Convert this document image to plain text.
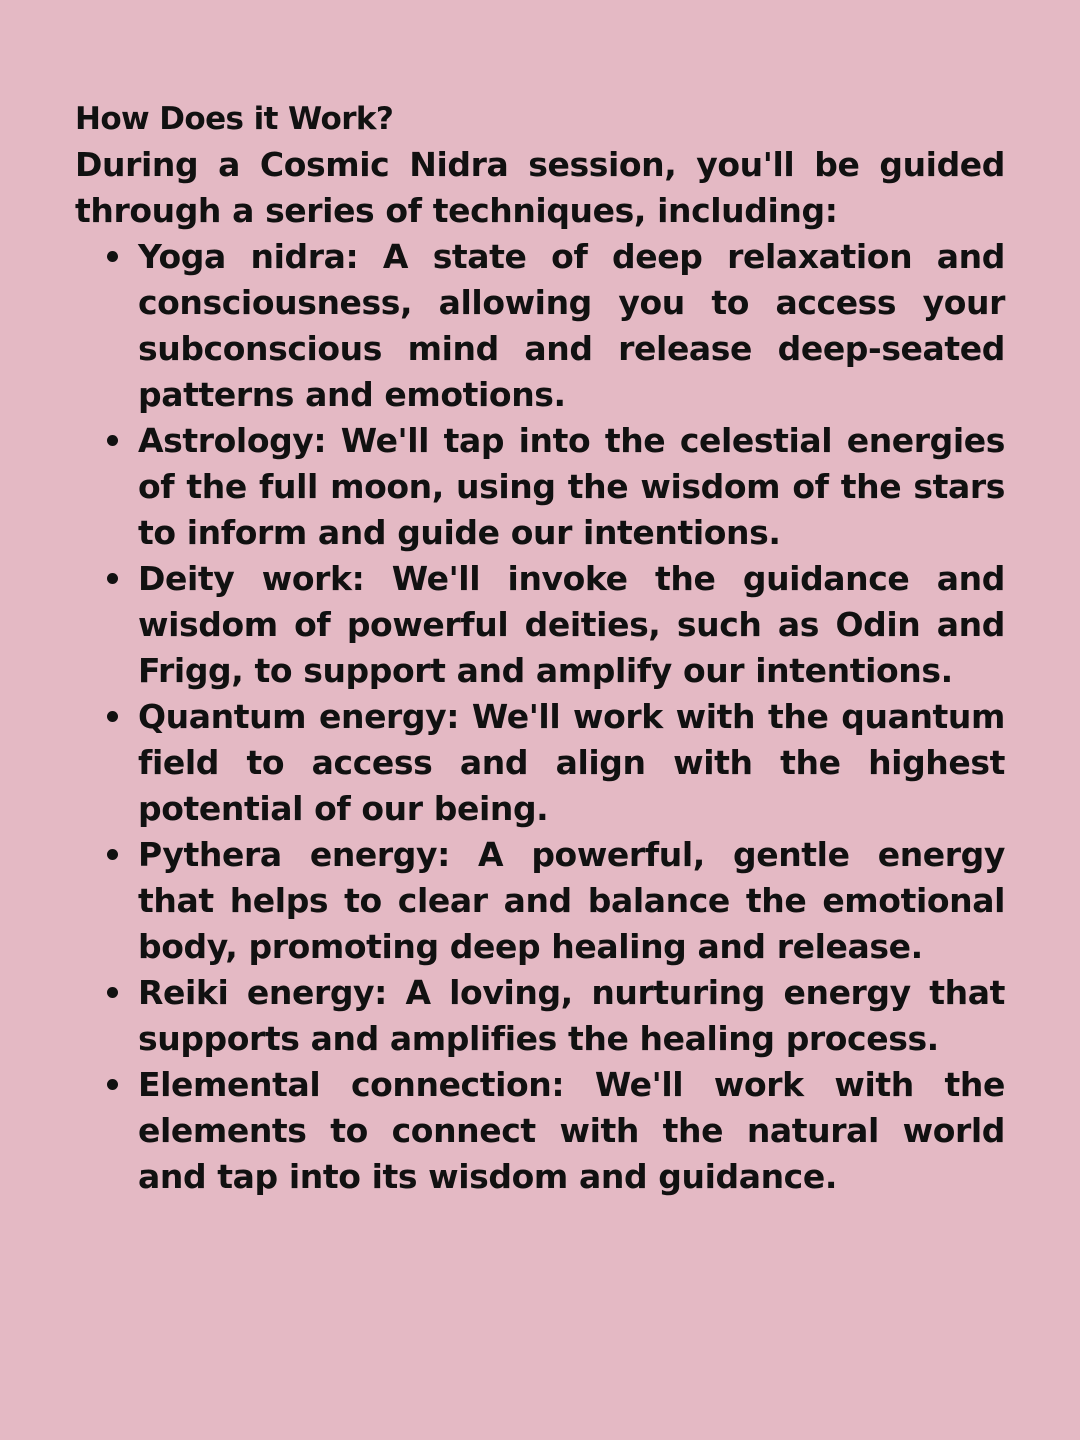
How Does it Work?

During a Cosmic Nidra session, you'll be guided through a series of techniques, including:

Yoga nidra: A state of deep relaxation and consciousness, allowing you to access your subconscious mind and release deep-seated patterns and emotions.
Astrology: We'll tap into the celestial energies of the full moon, using the wisdom of the stars to inform and guide our intentions.
Deity work: We'll invoke the guidance and wisdom of powerful deities, such as Odin and Frigg, to support and amplify our intentions.
Quantum energy: We'll work with the quantum field to access and align with the highest potential of our being.
Pythera energy: A powerful, gentle energy that helps to clear and balance the emotional body, promoting deep healing and release.
Reiki energy: A loving, nurturing energy that supports and amplifies the healing process.
Elemental connection: We'll work with the elements to connect with the natural world and tap into its wisdom and guidance.
